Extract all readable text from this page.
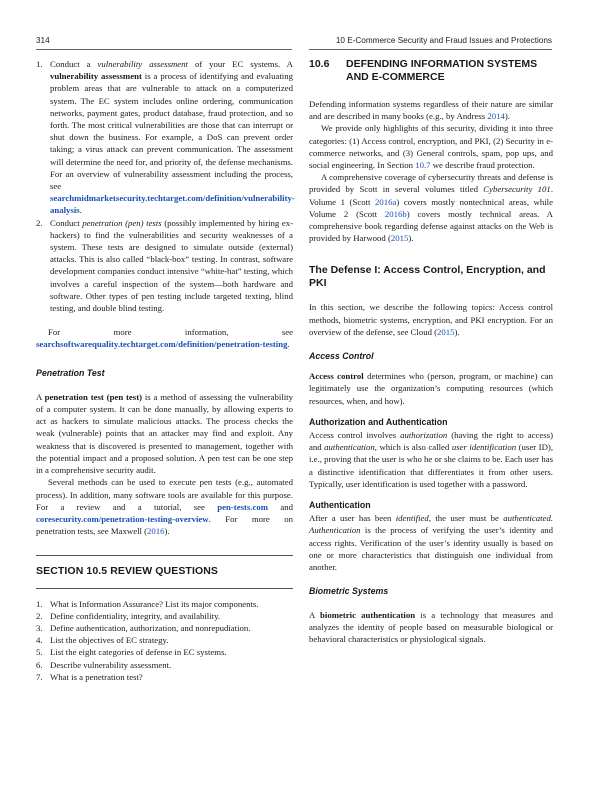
314	10 E-Commerce Security and Fraud Issues and Protections
1. Conduct a vulnerability assessment of your EC systems. A vulnerability assessment is a process of identifying and evaluating problem areas that are vulnerable to attack on a computerized system. The EC system includes online ordering, communication networks, payment gates, product database, fraud protection, and so forth. The most critical vulnerabilities are those that can interrupt or shut down the business. For example, a DoS can prevent order taking; a virus attack can prevent communication. The assessment will determine the need for, and priority of, the defense mechanisms. For an overview of vulnerability assessment including the process, see searchmidmarketsecurity.techtarget.com/definition/vulnerability-analysis.
2. Conduct penetration (pen) tests (possibly implemented by hiring ex-hackers) to find the vulnerabilities and security weaknesses of a system. These tests are designed to simulate outside (external) attacks. This is also called “black-box” testing. In contrast, software development companies conduct intensive “white-hat” testing, which involves a careful inspection of the system—both hardware and software. Other types of pen testing include targeted texting, blind testing, and double blind testing.

For more information, see searchsoftwarequality.techtarget.com/definition/penetration-testing.

Penetration Test

A penetration test (pen test) is a method of assessing the vulnerability of a computer system. It can be done manually, by allowing experts to act as hackers to simulate malicious attacks. The process checks the weak (vulnerable) points that an attacker may find and exploit. Any weakness that is discovered is presented to management, together with the potential impact and a proposed solution. A pen test can be one step in a comprehensive security audit.

Several methods can be used to execute pen tests (e.g., automated process). In addition, many software tools are available for this purpose. For a review and a tutorial, see pen-tests.com and coresecurity.com/penetration-testing-overview. For more on penetration tests, see Maxwell (2016).

SECTION 10.5 REVIEW QUESTIONS
1. What is Information Assurance? List its major components.
2. Define confidentiality, integrity, and availability.
3. Define authentication, authorization, and nonrepudiation.
4. List the objectives of EC strategy.
5. List the eight categories of defense in EC systems.
6. Describe vulnerability assessment.
7. What is a penetration test?
10.6 DEFENDING INFORMATION SYSTEMS AND E-COMMERCE

Defending information systems regardless of their nature are similar and are described in many books (e.g., by Andress 2014).

We provide only highlights of this security, dividing it into three categories: (1) Access control, encryption, and PKI, (2) Security in e-commerce networks, and (3) General controls, spam, pop ups, and social engineering. In Section 10.7 we describe fraud protection.

A comprehensive coverage of cybersecurity threats and defense is provided by Scott in several volumes titled Cybersecurity 101. Volume 1 (Scott 2016a) covers mostly nontechnical areas, while Volume 2 (Scott 2016b) covers mostly technical areas. A comprehensive book regarding defense against attacks on the Web is provided by Harwood (2015).

The Defense I: Access Control, Encryption, and PKI

In this section, we describe the following topics: Access control methods, biometric systems, encryption, and PKI encryption. For an overview of the defense, see Cloud (2015).

Access Control

Access control determines who (person, program, or machine) can legitimately use the organization’s computing resources (which resources, when, and how).

Authorization and Authentication

Access control involves authorization (having the right to access) and authentication, which is also called user identification (user ID), i.e., proving that the user is who he or she claims to be. Each user has a distinctive identification that differentiates it from other users. Typically, user identification is used together with a password.

Authentication

After a user has been identified, the user must be authenticated. Authentication is the process of verifying the user’s identity and access rights. Verification of the user’s identity usually is based on one or more characteristics that distinguish one individual from another.

Biometric Systems

A biometric authentication is a technology that measures and analyzes the identity of people based on measurable biological or behavioral characteristics or physiological signals.
